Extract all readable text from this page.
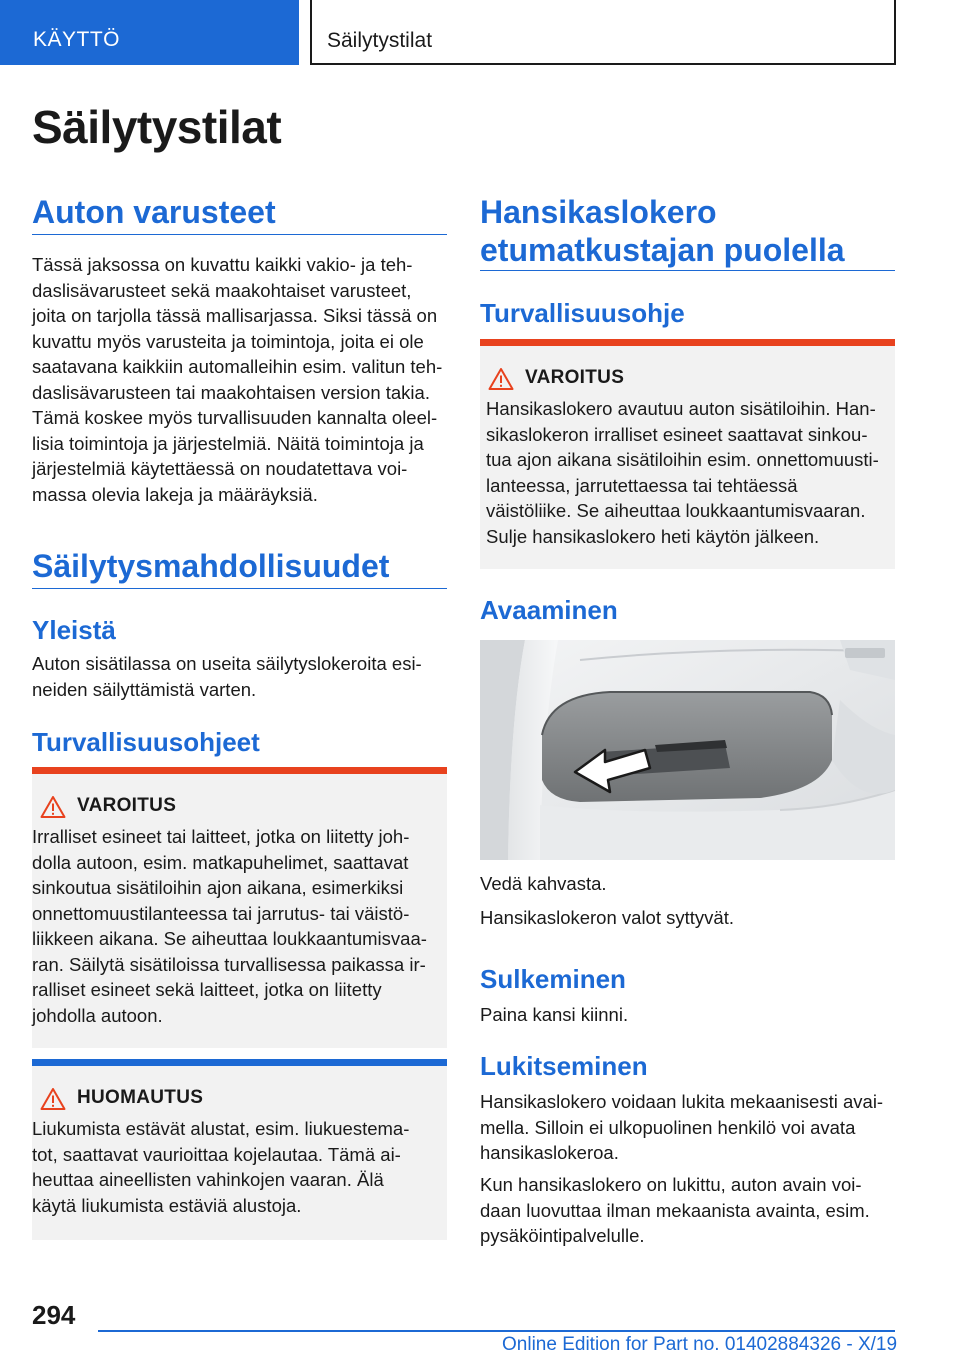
KÄYTTÖ	Säilytystilat
Säilytystilat
Auton varusteet
Tässä jaksossa on kuvattu kaikki vakio- ja teh‐
daslisävarusteet sekä maakohtaiset varusteet,
joita on tarjolla tässä mallisarjassa. Siksi tässä on
kuvattu myös varusteita ja toimintoja, joita ei ole
saatavana kaikkiin automalleihin esim. valitun teh‐
daslisävarusteen tai maakohtaisen version takia.
Tämä koskee myös turvallisuuden kannalta oleel‐
lisia toimintoja ja järjestelmiä. Näitä toimintoja ja
järjestelmiä käytettäessä on noudatettava voi‐
massa olevia lakeja ja määräyksiä.
Säilytysmahdollisuudet
Yleistä
Auton sisätilassa on useita säilytyslokeroita esi‐
neiden säilyttämistä varten.
Turvallisuusohjeet
VAROITUS
Irralliset esineet tai laitteet, jotka on liitetty joh‐
dolla autoon, esim. matkapuhelimet, saattavat
sinkoutua sisätiloihin ajon aikana, esimerkiksi
onnettomuustilanteessa tai jarrutus- tai väistö‐
liikkeen aikana. Se aiheuttaa loukkaantumisvaa‐
ran. Säilytä sisätiloissa turvallisessa paikassa ir‐
ralliset esineet sekä laitteet, jotka on liitetty
johdolla autoon.
HUOMAUTUS
Liukumista estävät alustat, esim. liukuestema‐
tot, saattavat vaurioittaa kojelautaa. Tämä ai‐
heuttaa aineellisten vahinkojen vaaran. Älä
käytä liukumista estäviä alustoja.
Hansikaslokero
etumatkustajan puolella
Turvallisuusohje
VAROITUS
Hansikaslokero avautuu auton sisätiloihin. Han‐
sikaslokeron irralliset esineet saattavat sinkou‐
tua ajon aikana sisätiloihin esim. onnettomuusti‐
lanteessa, jarrutettaessa tai tehtäessä
väistöliike. Se aiheuttaa loukkaantumisvaaran.
Sulje hansikaslokero heti käytön jälkeen.
Avaaminen
Vedä kahvasta.
Hansikaslokeron valot syttyvät.
Sulkeminen
Paina kansi kiinni.
Lukitseminen
Hansikaslokero voidaan lukita mekaanisesti avai‐
mella. Silloin ei ulkopuolinen henkilö voi avata
hansikaslokeroa.
Kun hansikaslokero on lukittu, auton avain voi‐
daan luovuttaa ilman mekaanista avainta, esim.
pysäköintipalvelulle.
294
Online Edition for Part no. 01402884326 - X/19
